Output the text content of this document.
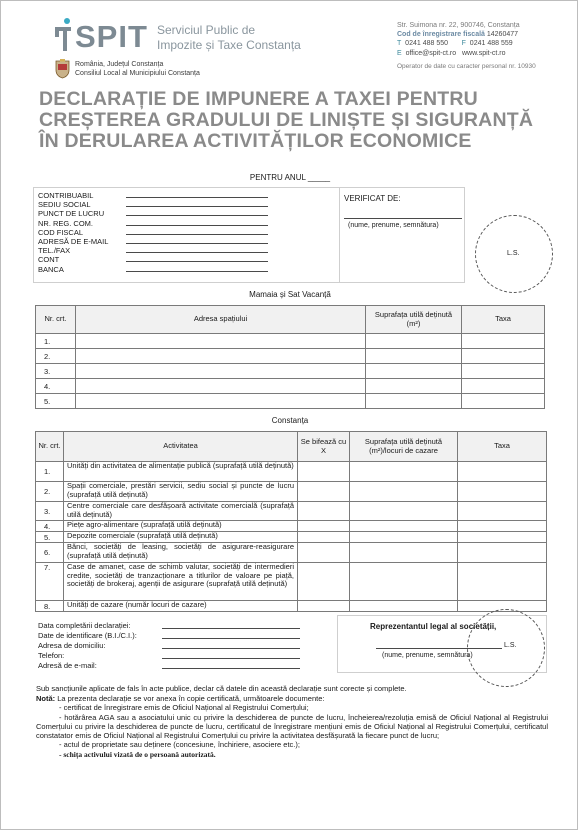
SPIT Serviciul Public de
Impozite și Taxe Constanța
România, Județul Constanța
Consiliul Local al Municipiului Constanța
Str. Suimona nr. 22, 900746, Constanța
Cod de înregistrare fiscală 14260477
T 0241 488 550 F 0241 488 559
E office@spit-ct.ro www.spit-ct.ro
Operator de date cu caracter personal nr. 10930
DECLARAȚIE DE IMPUNERE A TAXEI PENTRU
CREȘTEREA GRADULUI DE LINIȘTE ȘI SIGURANȚĂ
ÎN DERULAREA ACTIVITĂȚILOR ECONOMICE
PENTRU ANUL _____
CONTRIBUABIL
SEDIU SOCIAL
PUNCT DE LUCRU
NR. REG. COM.
COD FISCAL
ADRESĂ DE E-MAIL
TEL./FAX
CONT
BANCA
VERIFICAT DE:
(nume, prenume, semnătura)
L.S.
Mamaia și Sat Vacanță
Nr. crt.	Adresa spațiului	Suprafața utilă deținută (m²)	Taxa
1.			
2.			
3.			
4.			
5.			
Constanța
Nr. crt.	Activitatea	Se bifează cu X	Suprafața utilă deținută (m²)/locuri de cazare	Taxa
1.	Unități din activitatea de alimentație publică (suprafață utilă deținută)			
2.	Spații comerciale, prestări servicii, sediu social și puncte de lucru (suprafață utilă deținută)			
3.	Centre comerciale care desfășoară activitate comercială (suprafață utilă deținută)			
4.	Piețe agro-alimentare (suprafață utilă deținută)			
5.	Depozite comerciale (suprafață utilă deținută)			
6.	Bănci, societăți de leasing, societăți de asigurare-reasigurare (suprafață utilă deținută)			
7.	Case de amanet, case de schimb valutar, societăți de intermedieri credite, societăți de tranzacționare a titlurilor de valoare pe piață, societăți de brokeraj, agenții de asigurare (suprafață utilă deținută)			
8.	Unități de cazare (număr locuri de cazare)			
Data completării declarației:
Date de identificare (B.I./C.I.):
Adresa de domiciliu:
Telefon:
Adresă de e-mail:
Reprezentantul legal al societății,
L.S.
(nume, prenume, semnătura)
Sub sancțiunile aplicate de fals în acte publice, declar că datele din această declarație sunt corecte și complete.
Notă: La prezenta declarație se vor anexa în copie certificată, următoarele documente:
- certificat de înregistrare emis de Oficiul Național al Registrului Comerțului;
- hotărârea AGA sau a asociatului unic cu privire la deschiderea de puncte de lucru, încheierea/rezoluția emisă de Oficiul Național al Registrului Comerțului cu privire la deschiderea de puncte de lucru, certificatul de înregistrare mențiuni emis de Oficiul Național al Registrului Comerțului, certificatul constatator emis de Oficiul Național al Registrului Comerțului cu privire la activitatea desfășurată la fiecare punct de lucru;
- actul de proprietate sau deținere (concesiune, închiriere, asociere etc.);
- schița activului vizată de o persoană autorizată.
